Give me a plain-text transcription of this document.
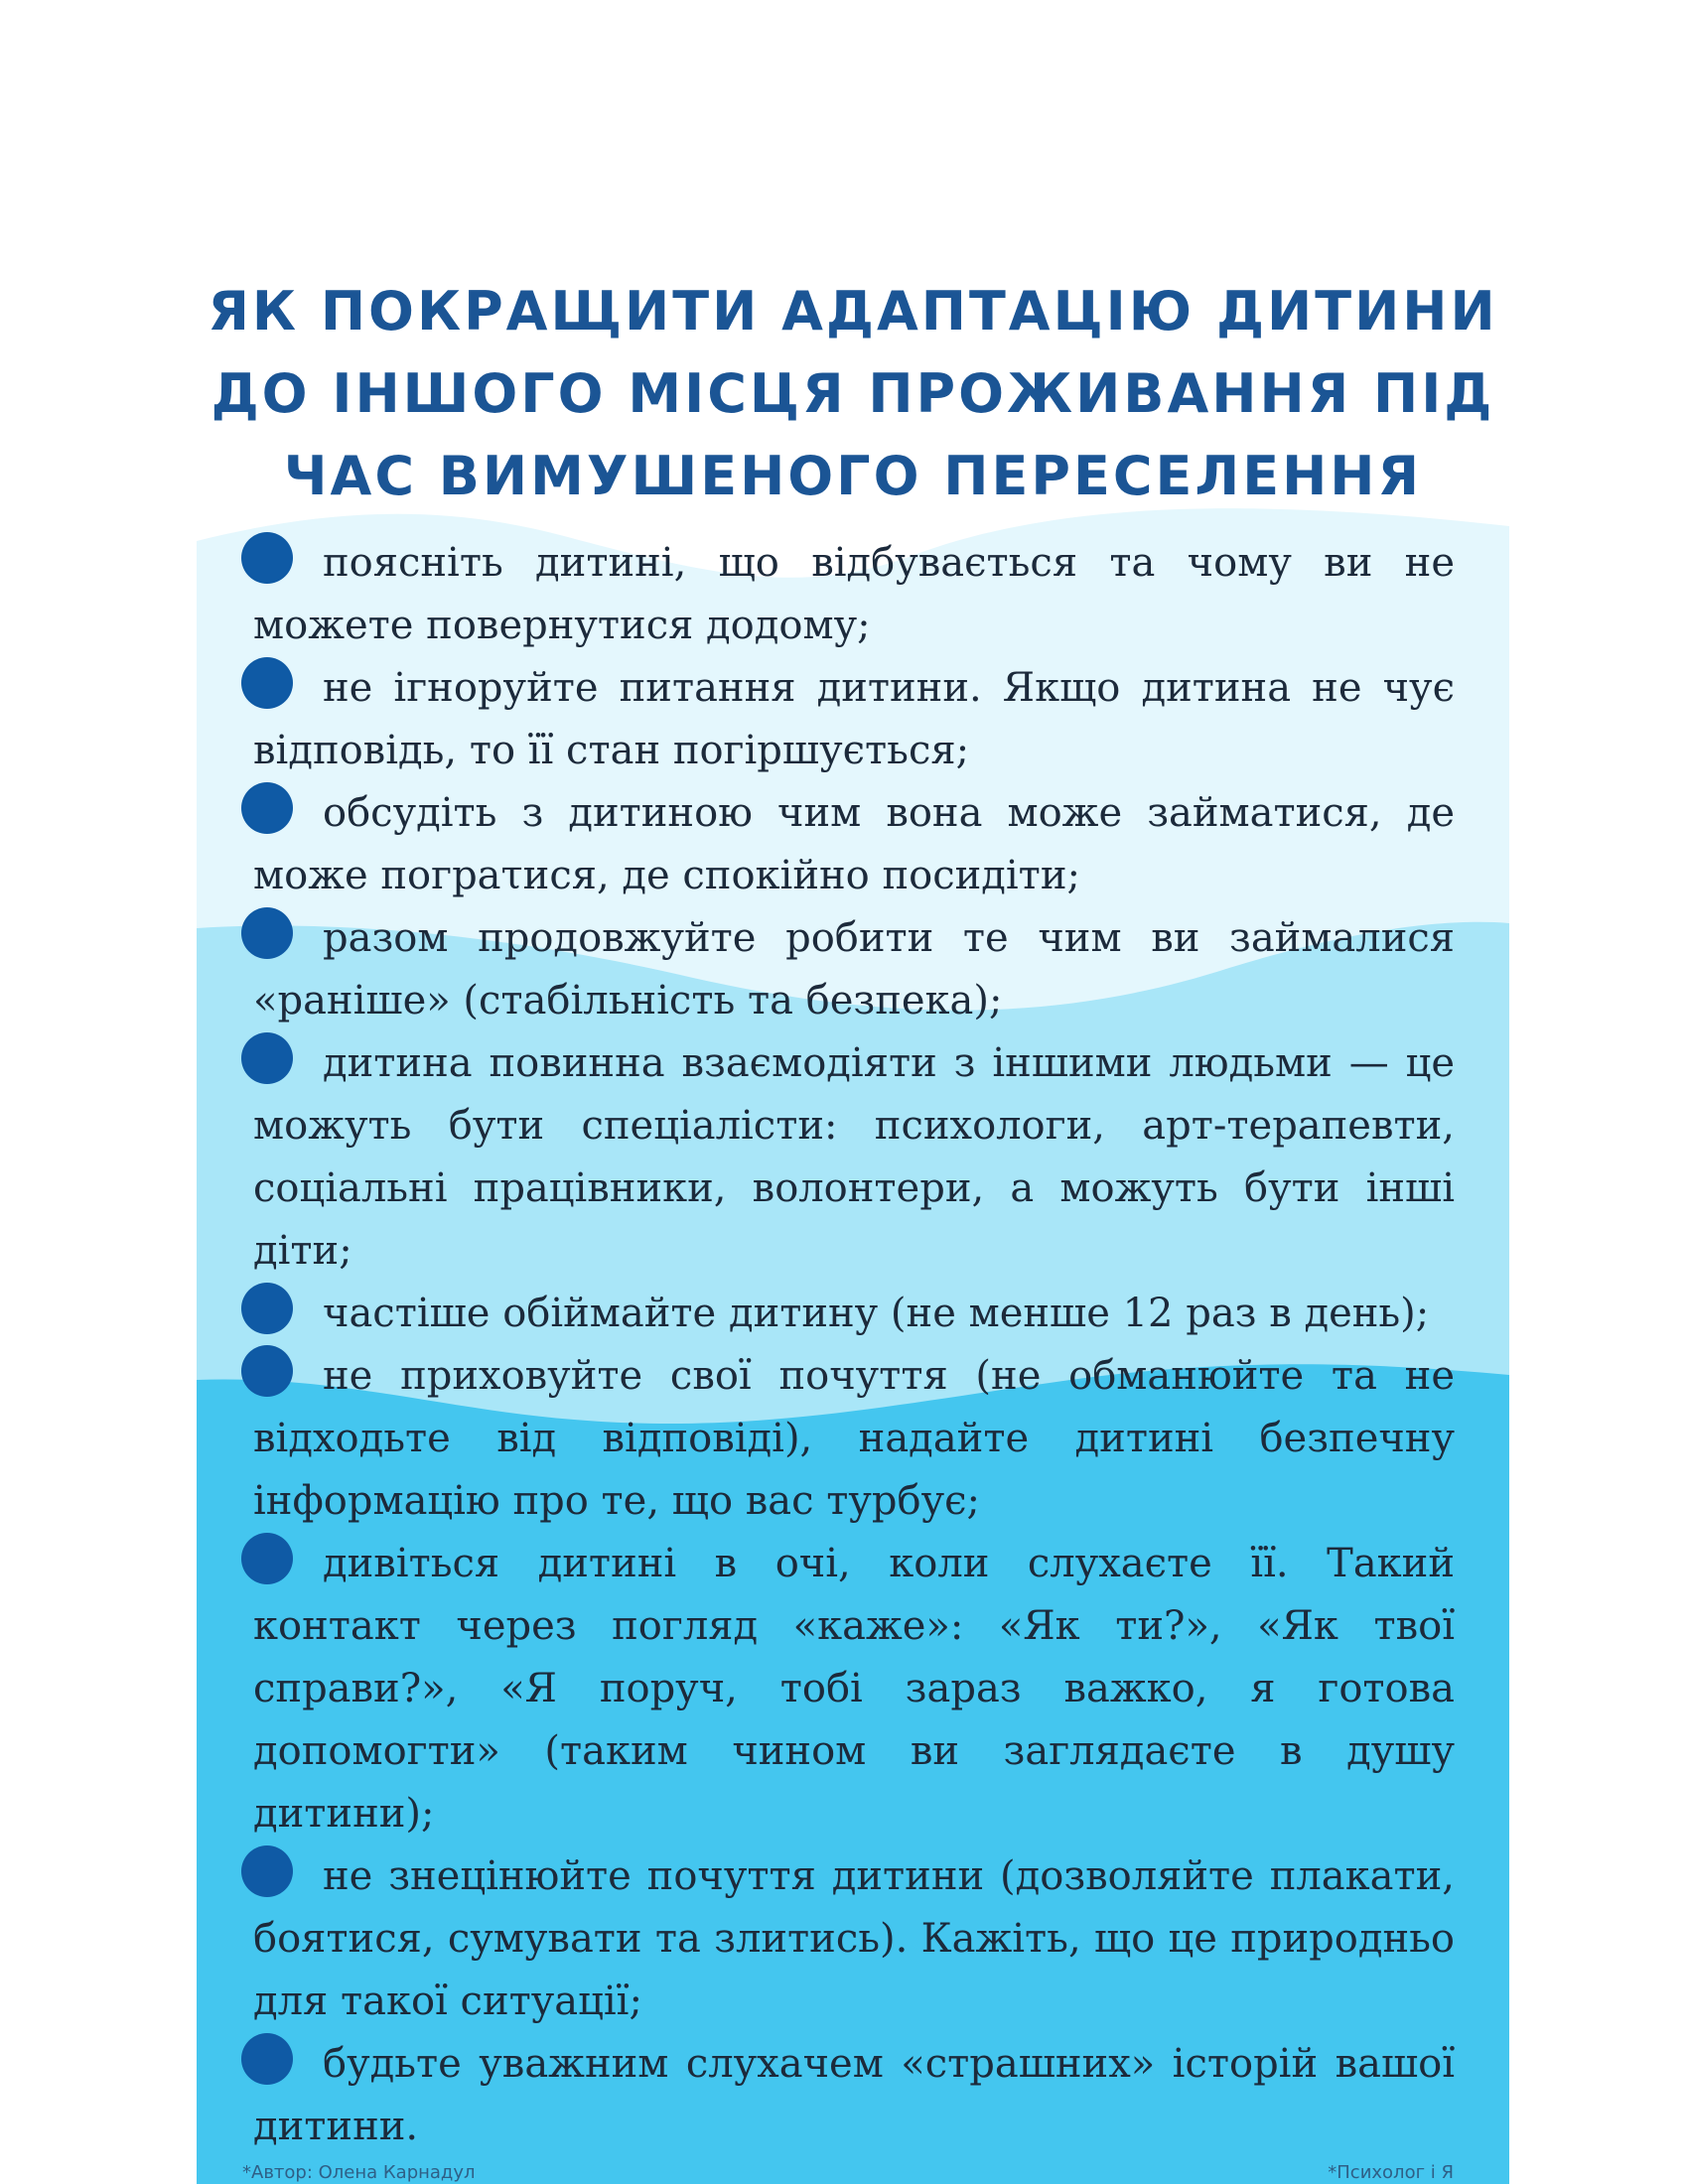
ЯК ПОКРАЩИТИ АДАПТАЦІЮ ДИТИНИ ДО ІНШОГО МІСЦЯ ПРОЖИВАННЯ ПІД ЧАС ВИМУШЕНОГО ПЕРЕСЕЛЕННЯ
пояcніть дитині, що відбувається та чому ви не можете повернутися додому;
не ігноруйте питання дитини. Якщо дитина не чує відповідь, то її стан погіршується;
обсудіть з дитиною чим вона може займатися, де може пограτися, де спокійно посидіти;
разом продовжуйте робити те чим ви займалися «раніше» (стабільність та безпека);
дитина повинна взаємодіяти з іншими людьми — це можуть бути спеціалісти: психологи, арт-терапевти, соціальні працівники, волонтери, а можуть бути інші діти;
частіше обіймайте дитину (не менше 12 раз в день);
не приховуйте свої почуття (не обманюйте та не відходьте від відповіді), надайте дитині безпечну інформацію про те, що вас турбує;
дивіться дитині в очі, коли слухаєте її. Такий контакт через погляд «каже»: «Як ти?», «Як твої справи?», «Я поруч, тобі зараз важко, я готова допомогти» (таким чином ви заглядаєте в душу дитини);
не знецінюйте почуття дитини (дозволяйте плакати, боятися, сумувати та злитись). Кажіть, що це природньо для такої ситуації;
будьте уважним слухачем «страшних» історій вашої дитини.
*Автор: Олена Карнадул	*Психолог і Я
